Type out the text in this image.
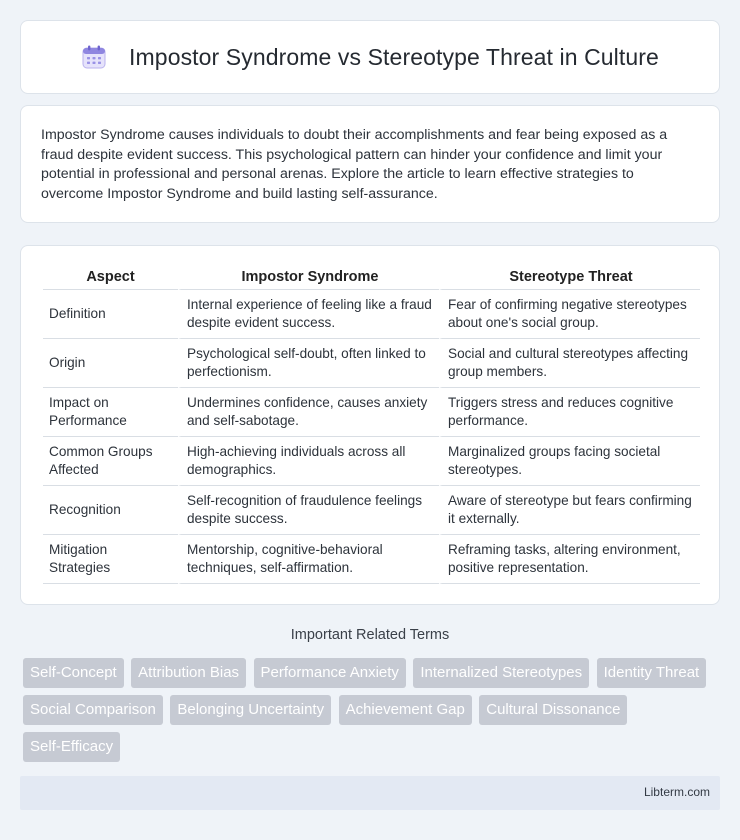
Impostor Syndrome vs Stereotype Threat in Culture

Impostor Syndrome causes individuals to doubt their accomplishments and fear being exposed as a fraud despite evident success. This psychological pattern can hinder your confidence and limit your potential in professional and personal arenas. Explore the article to learn effective strategies to overcome Impostor Syndrome and build lasting self-assurance.

Aspect	Impostor Syndrome	Stereotype Threat
Definition	Internal experience of feeling like a fraud despite evident success.	Fear of confirming negative stereotypes about one's social group.
Origin	Psychological self-doubt, often linked to perfectionism.	Social and cultural stereotypes affecting group members.
Impact on Performance	Undermines confidence, causes anxiety and self-sabotage.	Triggers stress and reduces cognitive performance.
Common Groups Affected	High-achieving individuals across all demographics.	Marginalized groups facing societal stereotypes.
Recognition	Self-recognition of fraudulence feelings despite success.	Aware of stereotype but fears confirming it externally.
Mitigation Strategies	Mentorship, cognitive-behavioral techniques, self-affirmation.	Reframing tasks, altering environment, positive representation.
Important Related Terms
Self-Concept Attribution Bias Performance Anxiety Internalized Stereotypes Identity Threat Social Comparison Belonging Uncertainty Achievement Gap Cultural Dissonance Self-Efficacy
Libterm.com
